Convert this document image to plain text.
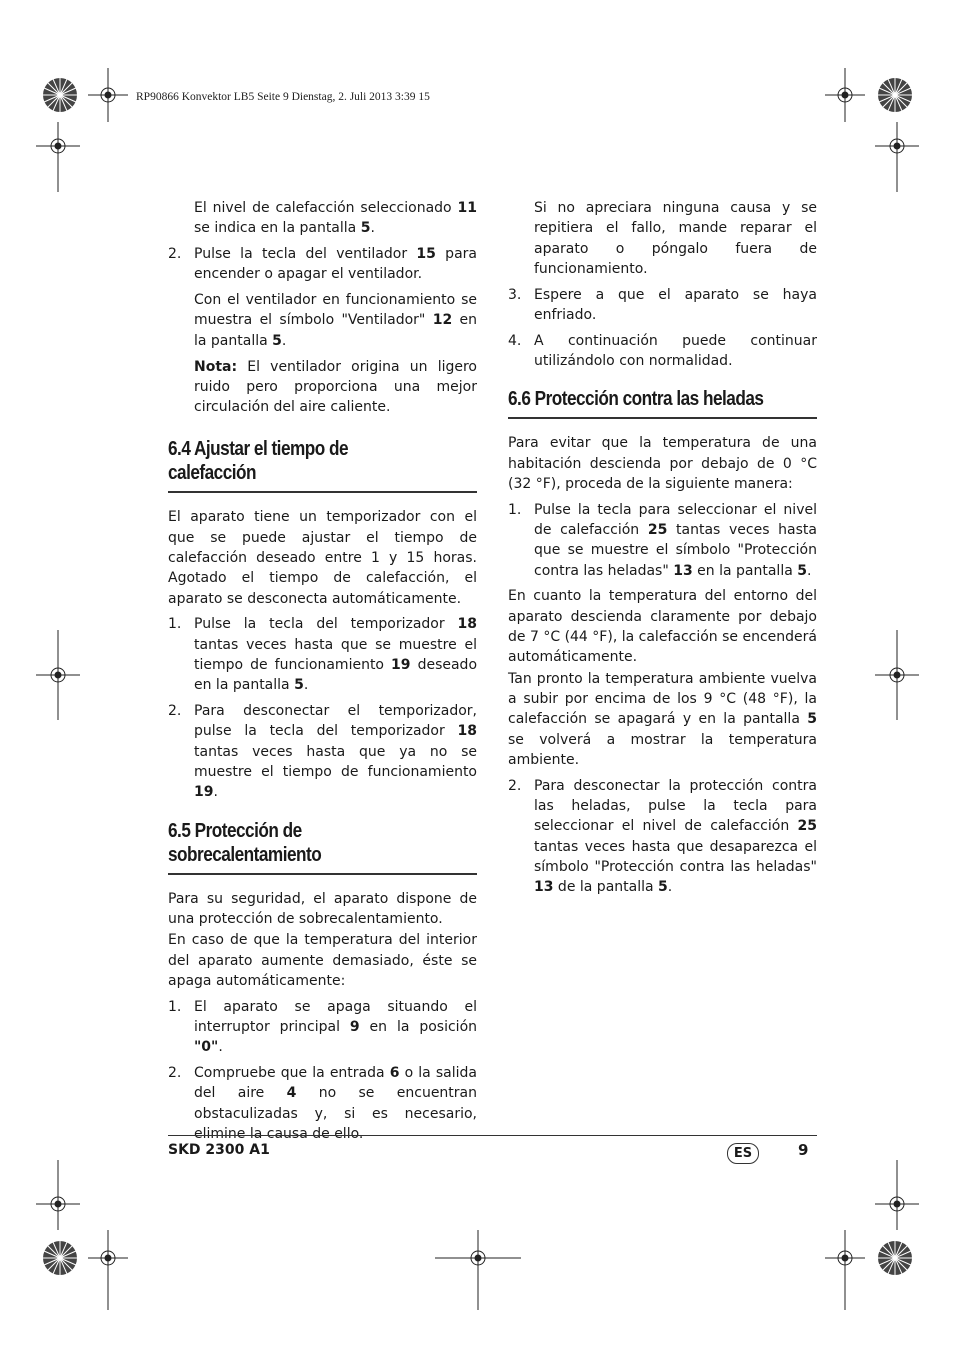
RP90866 Konvektor LB5 Seite 9 Dienstag, 2. Juli 2013 3:39 15

El nivel de calefacción seleccionado 11 se indica en la pantalla 5.

2. Pulse la tecla del ventilador 15 para encender o apagar el ventilador.

Con el ventilador en funcionamiento se muestra el símbolo "Ventilador" 12 en la pantalla 5.

Nota: El ventilador origina un ligero ruido pero proporciona una mejor circulación del aire caliente.

6.4 Ajustar el tiempo de calefacción

El aparato tiene un temporizador con el que se puede ajustar el tiempo de calefacción deseado entre 1 y 15 horas. Agotado el tiempo de calefacción, el aparato se desconecta automáticamente.

1. Pulse la tecla del temporizador 18 tantas veces hasta que se muestre el tiempo de funcionamiento 19 deseado en la pantalla 5.
2. Para desconectar el temporizador, pulse la tecla del temporizador 18 tantas veces hasta que ya no se muestre el tiempo de funcionamiento 19.
6.5 Protección de sobrecalentamiento

Para su seguridad, el aparato dispone de una protección de sobrecalentamiento.

En caso de que la temperatura del interior del aparato aumente demasiado, éste se apaga automáticamente:

1. El aparato se apaga situando el interruptor principal 9 en la posición "0".
2. Compruebe que la entrada 6 o la salida del aire 4 no se encuentran obstaculizadas y, si es necesario, elimine la causa de ello.

Si no apreciara ninguna causa y se repitiera el fallo, mande reparar el aparato o póngalo fuera de funcionamiento.

3. Espere a que el aparato se haya enfriado.
4. A continuación puede continuar utilizándolo con normalidad.
6.6 Protección contra las heladas

Para evitar que la temperatura de una habitación descienda por debajo de 0 °C (32 °F), proceda de la siguiente manera:

1. Pulse la tecla para seleccionar el nivel de calefacción 25 tantas veces hasta que se muestre el símbolo "Protección contra las heladas" 13 en la pantalla 5.

En cuanto la temperatura del entorno del aparato descienda claramente por debajo de 7 °C (44 °F), la calefacción se encenderá automáticamente.

Tan pronto la temperatura ambiente vuelva a subir por encima de los 9 °C (48 °F), la calefacción se apagará y en la pantalla 5 se volverá a mostrar la temperatura ambiente.

2. Para desconectar la protección contra las heladas, pulse la tecla para seleccionar el nivel de calefacción 25 tantas veces hasta que desaparezca el símbolo "Protección contra las heladas" 13 de la pantalla 5.
SKD 2300 A1	ES	9
